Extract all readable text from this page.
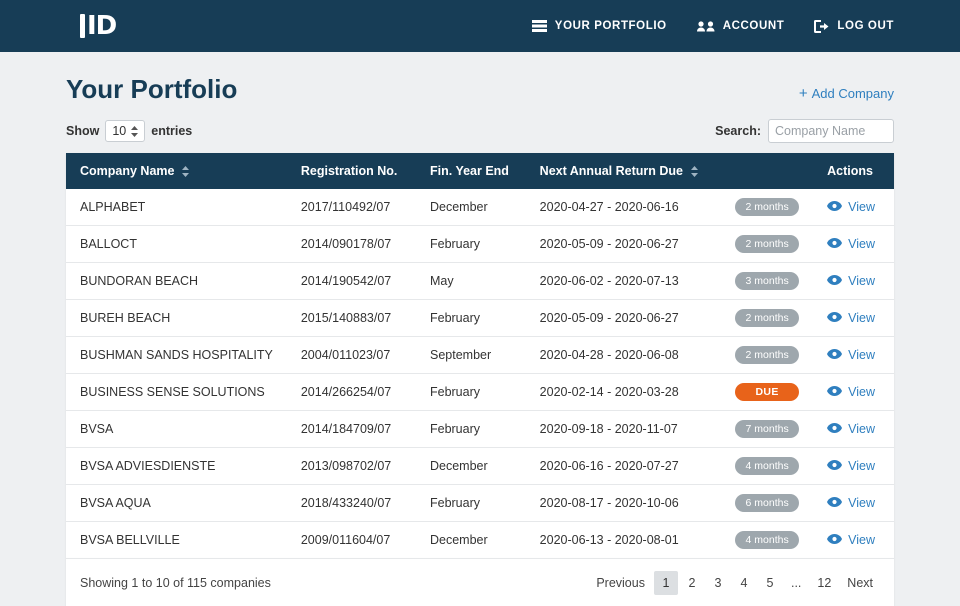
ID	YOUR PORTFOLIO	ACCOUNT	LOG OUT
Your Portfolio	+ Add Company
Show 10 entries	Search:
Company Name
Company Name	Registration No.	Fin. Year End	Next Annual Return Due	Actions
ALPHABET	2017/110492/07	December	2020-04-27 - 2020-06-16 2 months	View

BALLOCT	2014/090178/07	February	2020-05-09 - 2020-06-27 2 months	View

BUNDORAN BEACH	2014/190542/07	May	2020-06-02 - 2020-07-13 3 months	View

BUREH BEACH	2015/140883/07	February	2020-05-09 - 2020-06-27 2 months	View

BUSHMAN SANDS HOSPITALITY	2004/011023/07	September	2020-04-28 - 2020-06-08 2 months	View

BUSINESS SENSE SOLUTIONS	2014/266254/07	February	2020-02-14 - 2020-03-28 DUE	View

BVSA	2014/184709/07	February	2020-09-18 - 2020-11-07 7 months	View

BVSA ADVIESDIENSTE	2013/098702/07	December	2020-06-16 - 2020-07-27 4 months	View

BVSA AQUA	2018/433240/07	February	2020-08-17 - 2020-10-06 6 months	View

BVSA BELLVILLE	2009/011604/07	December	2020-06-13 - 2020-08-01 4 months	View
Showing 1 to 10 of 115 companies	Previous	1	2	3	4	5	...	12	Next
